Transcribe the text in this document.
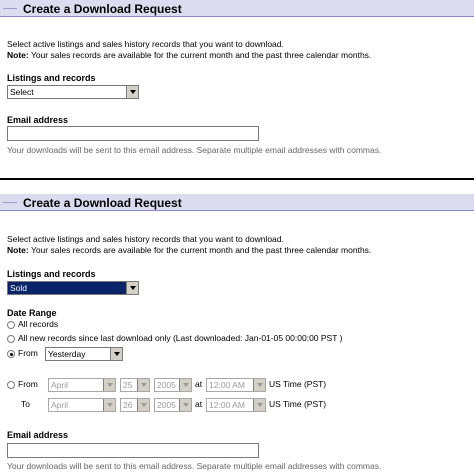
Create a Download Request
Select active listings and sales history records that you want to download.
Note: Your sales records are available for the current month and the past three calendar months.
Listings and records
Select
Email address
Your downloads will be sent to this email address. Separate multiple email addresses with commas.
Create a Download Request
Select active listings and sales history records that you want to download.
Note: Your sales records are available for the current month and the past three calendar months.
Listings and records
Sold
Date Range
All records
All new records since last download only (Last downloaded: Jan-01-05 00:00:00 PST )
From	Yesterday
From	April	25	2005	at 12:00 AM	US Time (PST)
To	April	26	2005	at 12:00 AM	US Time (PST)
Email address
Your downloads will be sent to this email address. Separate multiple email addresses with commas.
